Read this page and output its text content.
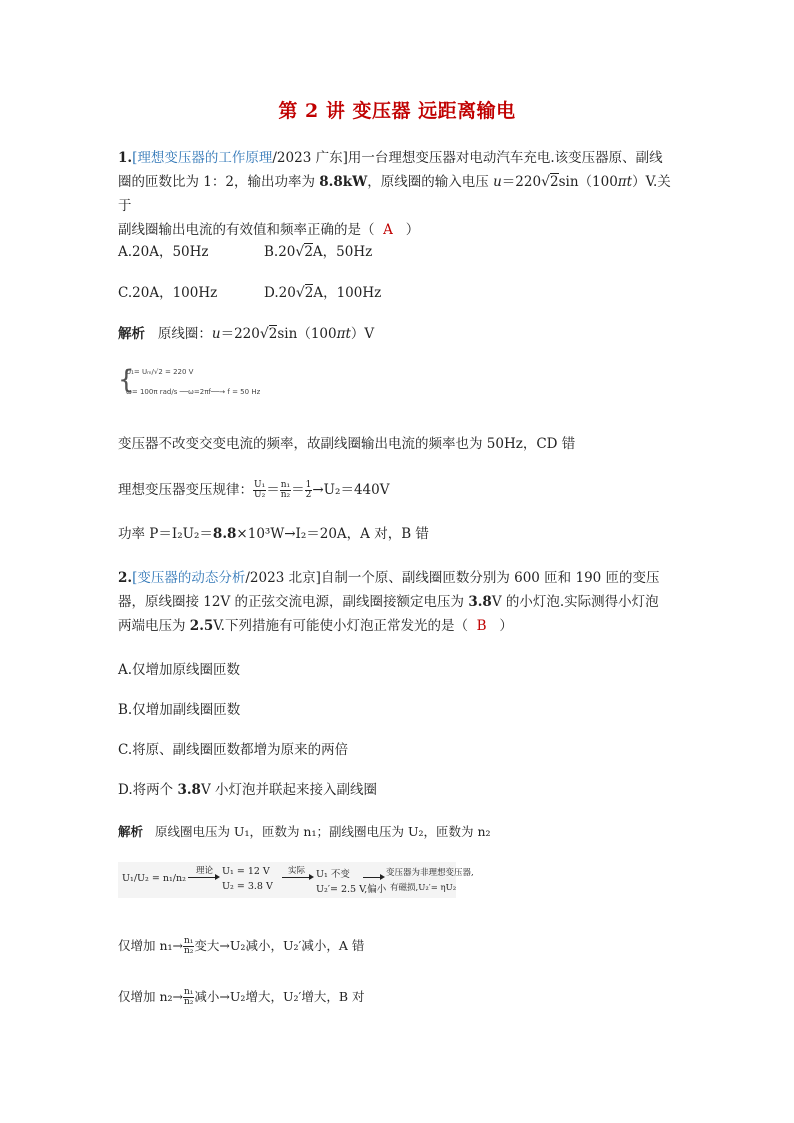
第 2 讲 变压器 远距离输电
1.[理想变压器的工作原理/2023 广东]用一台理想变压器对电动汽车充电.该变压器原、副线
圈的匝数比为 1：2，输出功率为 8.8kW，原线圈的输入电压 u＝220√2sin（100πt）V.关于
副线圈输出电流的有效值和频率正确的是（ A ）
A.20A，50Hz	B.20√2A，50Hz
C.20A，100Hz	D.20√2A，100Hz
解析 原线圈：u＝220√2sin（100πt）V
{
U₁= Uₘ/√2 = 220 V
ω= 100π rad/s ──ω=2πf──→ f = 50 Hz
变压器不改变交变电流的频率，故副线圈输出电流的频率也为 50Hz，CD 错
理想变压器变压规律： $\frac{\text{U₁}}{\text{U₂}} = \frac{\text{n₁}}{\text{n₂}} = \frac{1}{2} \to U_2=440V$
功率 P＝I₂U₂＝8.8×10³W→I₂＝20A，A 对，B 错
2.[变压器的动态分析/2023 北京]自制一个原、副线圈匝数分别为 600 匝和 190 匝的变压
器，原线圈接 12V 的正弦交流电源，副线圈接额定电压为 3.8V 的小灯泡.实际测得小灯泡
两端电压为 2.5V.下列措施有可能使小灯泡正常发光的是（ B ）
A.仅增加原线圈匝数
B.仅增加副线圈匝数
C.将原、副线圈匝数都增为原来的两倍
D.将两个 3.8V 小灯泡并联起来接入副线圈
解析 原线圈电压为 U₁，匝数为 n₁；副线圈电压为 U₂，匝数为 n₂
U₁/U₂ = n₁/n₂
理论 U₁ = 12 V
U₂ = 3.8 V
实际 U₁ 不变
U₂′= 2.5 V,偏小
变压器为非理想变压器,
有磁损,U₂′= ηU₂
仅增加 $n_1\to \frac{\text{n₁}}{\text{n₂}}$ 变大→U₂减小，U₂′减小，A 错
仅增加 $n_2\to \frac{\text{n₁}}{\text{n₂}}$ 减小→U₂增大，U₂′增大，B 对
